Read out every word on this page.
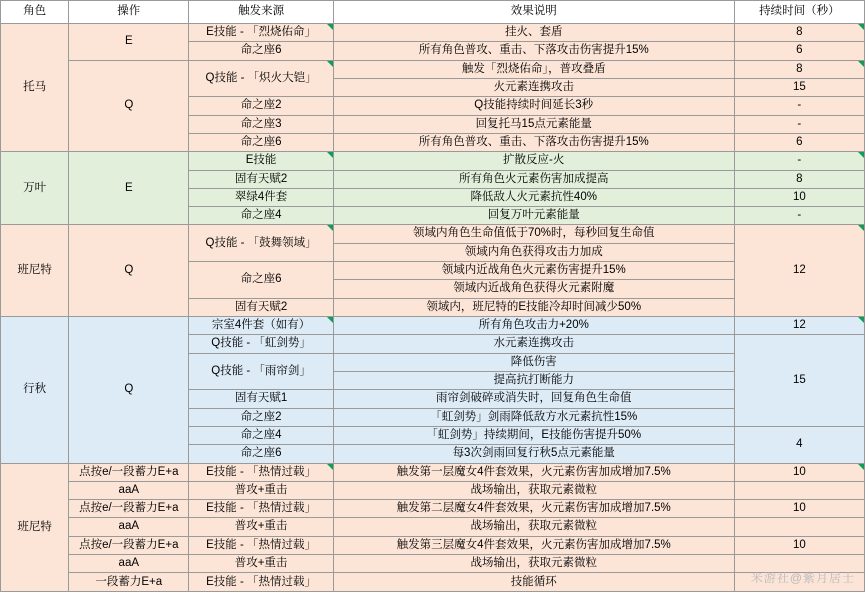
角色	操作	触发来源	效果说明	持续时间（秒）
托马	E	E技能 - 「烈烧佑命」	挂火、套盾	8
		命之座6	所有角色普攻、重击、下落攻击伤害提升15%	6
	Q	Q技能 - 「炽火大铠」	触发「烈烧佑命」，普攻叠盾	8
			火元素连携攻击	15
		命之座2	Q技能持续时间延长3秒	-
		命之座3	回复托马15点元素能量	-
		命之座6	所有角色普攻、重击、下落攻击伤害提升15%	6
万叶	E	E技能	扩散反应-火	-
		固有天赋2	所有角色火元素伤害加成提高	8
		翠绿4件套	降低敌人火元素抗性40%	10
		命之座4	回复万叶元素能量	-
班尼特	Q	Q技能 - 「鼓舞领域」	领域内角色生命值低于70%时，每秒回复生命值	12
			领域内角色获得攻击力加成	
		命之座6	领域内近战角色火元素伤害提升15%	
			领域内近战角色获得火元素附魔	
		固有天赋2	领域内，班尼特的E技能冷却时间减少50%	
行秋	Q	宗室4件套（如有）	所有角色攻击力+20%	12
		Q技能 - 「虹剑势」	水元素连携攻击	15
		Q技能 - 「雨帘剑」	降低伤害	
			提高抗打断能力	
		固有天赋1	雨帘剑破碎或消失时，回复角色生命值	
		命之座2	「虹剑势」剑雨降低敌方水元素抗性15%	
		命之座4	「虹剑势」持续期间，E技能伤害提升50%	4
		命之座6	每3次剑雨回复行秋5点元素能量	
班尼特	点按e/一段蓄力E+a	E技能 - 「热情过载」	触发第一层魔女4件套效果，火元素伤害加成增加7.5%	10
	aaA	普攻+重击	战场输出，获取元素微粒	
	点按e/一段蓄力E+a	E技能 - 「热情过载」	触发第二层魔女4件套效果，火元素伤害加成增加7.5%	10
	aaA	普攻+重击	战场输出，获取元素微粒	
	点按e/一段蓄力E+a	E技能 - 「热情过载」	触发第三层魔女4件套效果，火元素伤害加成增加7.5%	10
	aaA	普攻+重击	战场输出，获取元素微粒	
	一段蓄力E+a	E技能 - 「热情过载」	技能循环		米游社@紫月居士
